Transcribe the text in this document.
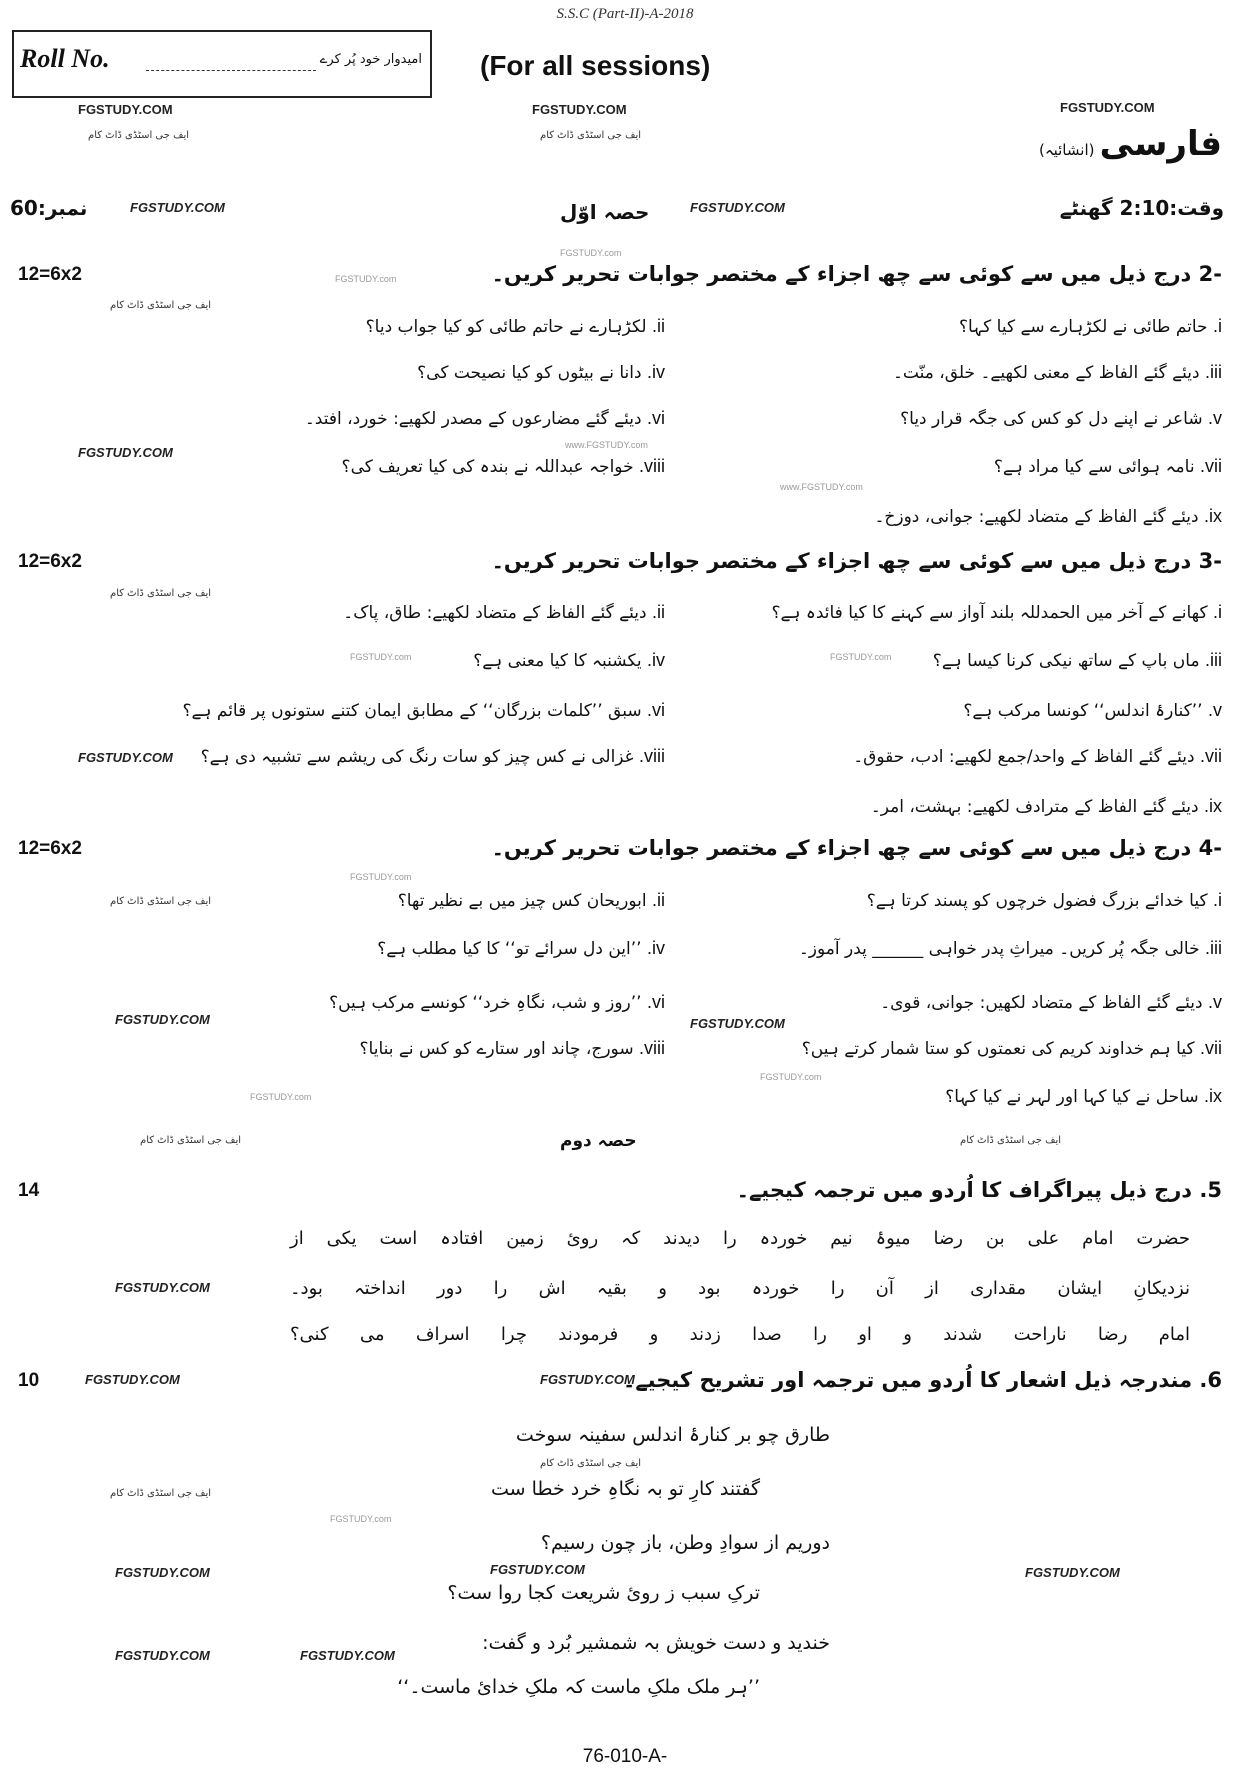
S.S.C (Part-II)-A-2018
Roll No.	امیدوار خود پُر کرے (For all sessions)
FGSTUDY.COM	FGSTUDY.COM	FGSTUDY.COM
ایف جی اسٹڈی ڈاٹ کام	ایف جی اسٹڈی ڈاٹ کام	فارسی (انشائیہ)
وقت:2:10 گھنٹے
حصہ اوّل
نمبر:60	FGSTUDY.COM	FGSTUDY.COM
-2 درج ذیل میں سے کوئی سے چھ اجزاء کے مختصر جوابات تحریر کریں۔
12=6x2
i. حاتم طائی نے لکڑہارے سے کیا کہا؟
ii. لکڑہارے نے حاتم طائی کو کیا جواب دیا؟
iii. دیئے گئے الفاظ کے معنی لکھیے۔ خلق، منّت۔
iv. دانا نے بیٹوں کو کیا نصیحت کی؟
v. شاعر نے اپنے دل کو کس کی جگہ قرار دیا؟
vi. دیئے گئے مضارعوں کے مصدر لکھیے: خورد، افتد۔
vii. نامہ ہوائی سے کیا مراد ہے؟
viii. خواجہ عبداللہ نے بندہ کی کیا تعریف کی؟
ix. دیئے گئے الفاظ کے متضاد لکھیے: جوانی، دوزخ۔
-3 درج ذیل میں سے کوئی سے چھ اجزاء کے مختصر جوابات تحریر کریں۔
12=6x2
i. کھانے کے آخر میں الحمدللہ بلند آواز سے کہنے کا کیا فائدہ ہے؟
ii. دیئے گئے الفاظ کے متضاد لکھیے: طاق، پاک۔
iii. ماں باپ کے ساتھ نیکی کرنا کیسا ہے؟
iv. یکشنبہ کا کیا معنی ہے؟
v. ’’کنارۂ اندلس‘‘ کونسا مرکب ہے؟
vi. سبق ’’کلمات بزرگان‘‘ کے مطابق ایمان کتنے ستونوں پر قائم ہے؟
vii. دیئے گئے الفاظ کے واحد/جمع لکھیے: ادب، حقوق۔
viii. غزالی نے کس چیز کو سات رنگ کی ریشم سے تشبیہ دی ہے؟
ix. دیئے گئے الفاظ کے مترادف لکھیے: بہشت، امر۔
-4 درج ذیل میں سے کوئی سے چھ اجزاء کے مختصر جوابات تحریر کریں۔
12=6x2
i. کیا خدائے بزرگ فضول خرچوں کو پسند کرتا ہے؟
ii. ابوریحان کس چیز میں بے نظیر تھا؟
iii. خالی جگہ پُر کریں۔ میراثِ پدر خواہی ______ پدر آموز۔
iv. ’’این دل سرائے تو‘‘ کا کیا مطلب ہے؟
v. دیئے گئے الفاظ کے متضاد لکھیں: جوانی، قوی۔
vi. ’’روز و شب، نگاہِ خرد‘‘ کونسے مرکب ہیں؟
vii. کیا ہم خداوند کریم کی نعمتوں کو ستا شمار کرتے ہیں؟
viii. سورج، چاند اور ستارے کو کس نے بنایا؟
ix. ساحل نے کیا کہا اور لہر نے کیا کہا؟
FGSTUDY.COM
FGSTUDY.COM
FGSTUDY.COM
FGSTUDY.COM
FGSTUDY.COM	FGSTUDY.COM
FGSTUDY.COM	FGSTUDY.COM	FGSTUDY.COM
FGSTUDY.COM	FGSTUDY.COM
FGSTUDY.COM
ایف جی اسٹڈی ڈاٹ کام
ایف جی اسٹڈی ڈاٹ کام
ایف جی اسٹڈی ڈاٹ کام
ایف جی اسٹڈی ڈاٹ کام	ایف جی اسٹڈی ڈاٹ کام
ایف جی اسٹڈی ڈاٹ کام
ایف جی اسٹڈی ڈاٹ کام
FGSTUDY.com
FGSTUDY.com
FGSTUDY.com
FGSTUDY.com
FGSTUDY.com
FGSTUDY.com
FGSTUDY.com
FGSTUDY.com
www.FGSTUDY.com
www.FGSTUDY.com
5. درج ذیل پیراگراف کا اُردو میں ترجمہ کیجیے۔
14
حضرت امام علی بن رضا میوۂ نیم خوردہ را دیدند کہ روئ زمین افتادہ است یکی از
نزدیکانِ ایشان مقداری از آن را خوردہ بود و بقیہ اش را دور انداختہ بود۔
امام رضا ناراحت شدند و او را صدا زدند و فرمودند چرا اسراف می کنی؟
6. مندرجہ ذیل اشعار کا اُردو میں ترجمہ اور تشریح کیجیے۔
10
طارق چو بر کنارۂ اندلس سفینہ سوخت
گفتند کارِ تو بہ نگاہِ خرد خطا ست
دوریم از سوادِ وطن، باز چون رسیم؟
ترکِ سبب ز روئ شریعت کجا روا ست؟
خندید و دست خویش بہ شمشیر بُرد و گفت:
’’ہر ملک ملکِ ماست کہ ملکِ خدائ ماست۔‘‘
حصہ دوم
76-010-A-
